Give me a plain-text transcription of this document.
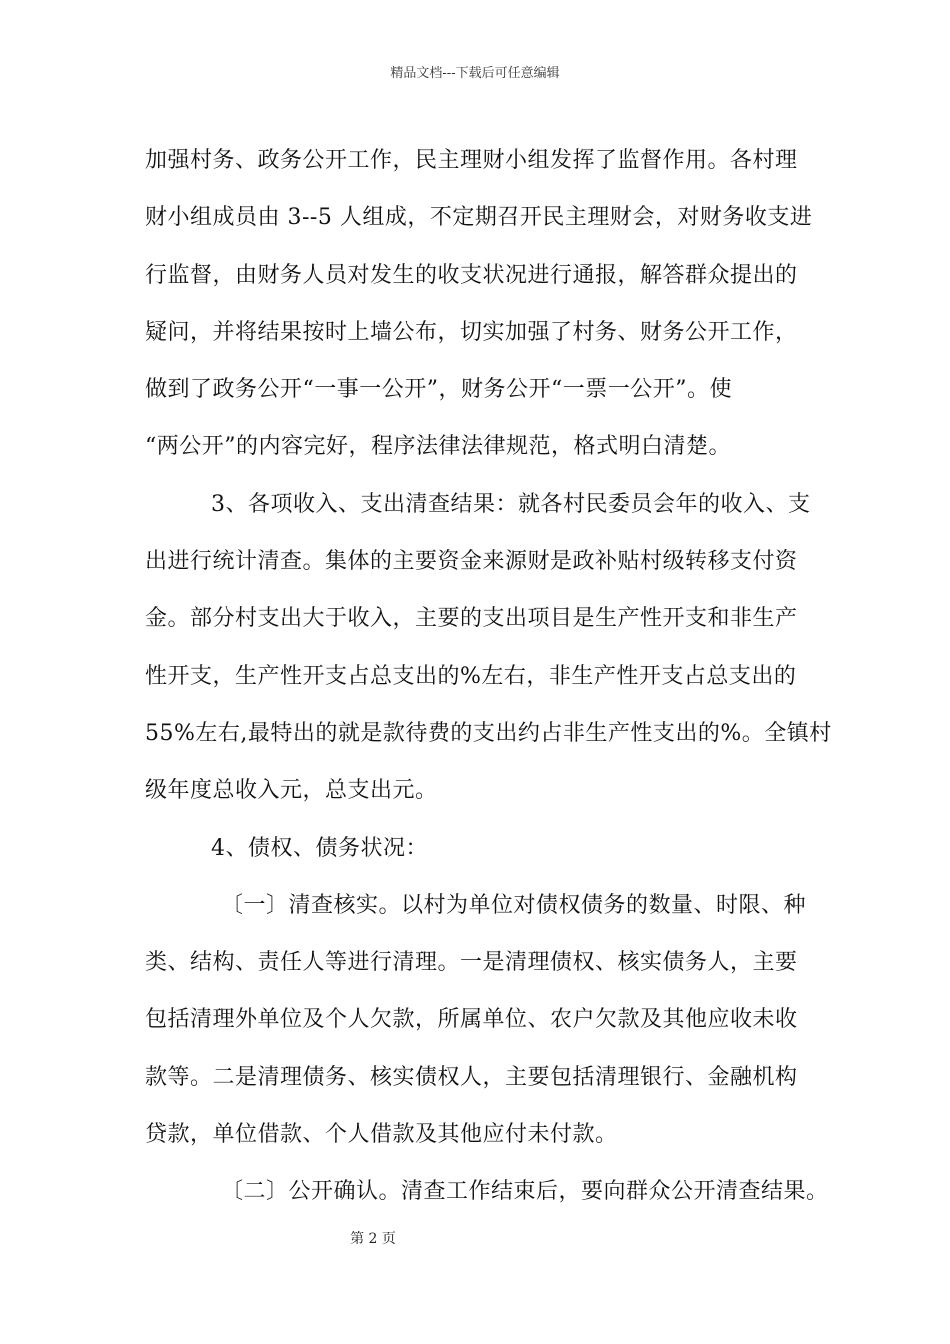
精品文档---下载后可任意编辑
加强村务、政务公开工作，民主理财小组发挥了监督作用。各村理
财小组成员由 3--5 人组成，不定期召开民主理财会，对财务收支进
行监督，由财务人员对发生的收支状况进行通报，解答群众提出的
疑问，并将结果按时上墙公布，切实加强了村务、财务公开工作，
做到了政务公开“一事一公开”，财务公开“一票一公开”。使
“两公开”的内容完好，程序法律法律规范，格式明白清楚。
3、各项收入、支出清查结果：就各村民委员会年的收入、支
出进行统计清查。集体的主要资金来源财是政补贴村级转移支付资
金。部分村支出大于收入，主要的支出项目是生产性开支和非生产
性开支，生产性开支占总支出的%左右，非生产性开支占总支出的
55%左右,最特出的就是款待费的支出约占非生产性支出的%。全镇村
级年度总收入元，总支出元。
4、债权、债务状况：
〔一〕清查核实。以村为单位对债权债务的数量、时限、种
类、结构、责任人等进行清理。一是清理债权、核实债务人，主要
包括清理外单位及个人欠款，所属单位、农户欠款及其他应收未收
款等。二是清理债务、核实债权人，主要包括清理银行、金融机构
贷款，单位借款、个人借款及其他应付未付款。
〔二〕公开确认。清查工作结束后，要向群众公开清查结果。
第 2 页
